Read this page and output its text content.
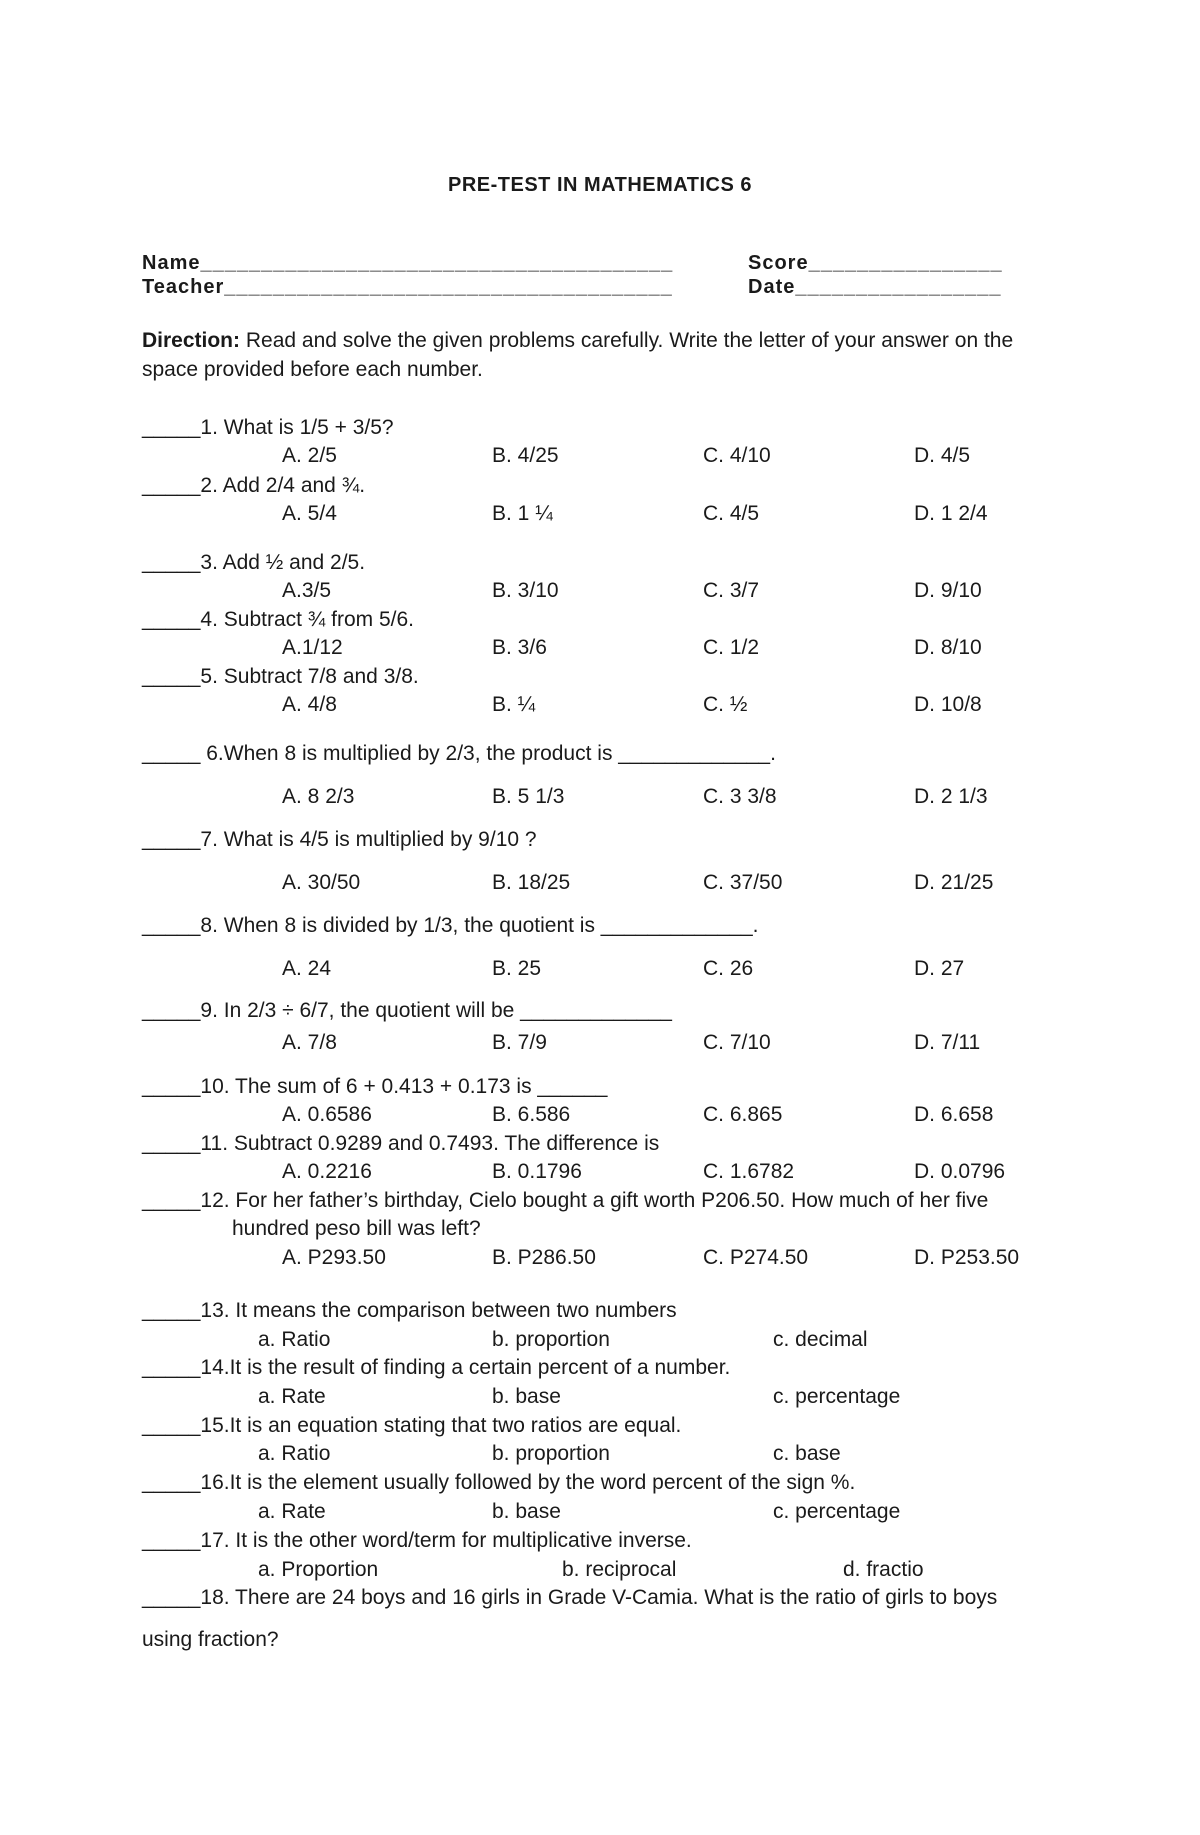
PRE-TEST IN MATHEMATICS 6
Name_______________________________________	Score________________
Teacher_____________________________________	Date_________________
Direction: Read and solve the given problems carefully. Write the letter of your answer on the space provided before each number.
_____1. What is 1/5 + 3/5?
A. 2/5	B. 4/25	C. 4/10	D. 4/5
_____2. Add 2/4 and ¾.
A. 5/4	B. 1 ¼	C. 4/5	D. 1 2/4
_____3. Add ½ and 2/5.
A.3/5	B. 3/10	C. 3/7	D. 9/10
_____4. Subtract ¾ from 5/6.
A.1/12	B. 3/6	C. 1/2	D. 8/10
_____5. Subtract 7/8 and 3/8.
A. 4/8	B. ¼	C. ½	D. 10/8
_____ 6.When 8 is multiplied by 2/3, the product is _____________.
A. 8 2/3	B. 5 1/3	C. 3 3/8	D. 2 1/3
_____7. What is 4/5 is multiplied by 9/10 ?
A. 30/50	B. 18/25	C. 37/50	D. 21/25
_____8. When 8 is divided by 1/3, the quotient is _____________.
A. 24	B. 25	C. 26	D. 27
_____9. In 2/3 ÷ 6/7, the quotient will be _____________
A. 7/8	B. 7/9	C. 7/10	D. 7/11
_____10. The sum of 6 + 0.413 + 0.173 is ______
A. 0.6586	B. 6.586	C. 6.865	D. 6.658
_____11. Subtract 0.9289 and 0.7493. The difference is
A. 0.2216	B. 0.1796	C. 1.6782	D. 0.0796
_____12. For her father’s birthday, Cielo bought a gift worth P206.50. How much of her five
hundred peso bill was left?
A. P293.50	B. P286.50	C. P274.50	D. P253.50
_____13. It means the comparison between two numbers
a. Ratio	b. proportion	c. decimal
_____14.It is the result of finding a certain percent of a number.
a. Rate	b. base	c. percentage
_____15.It is an equation stating that two ratios are equal.
a. Ratio	b. proportion	c. base
_____16.It is the element usually followed by the word percent of the sign %.
a. Rate	b. base	c. percentage
_____17. It is the other word/term for multiplicative inverse.
a. Proportion	b. reciprocal	d. fractio
_____18. There are 24 boys and 16 girls in Grade V-Camia. What is the ratio of girls to boys
using fraction?
